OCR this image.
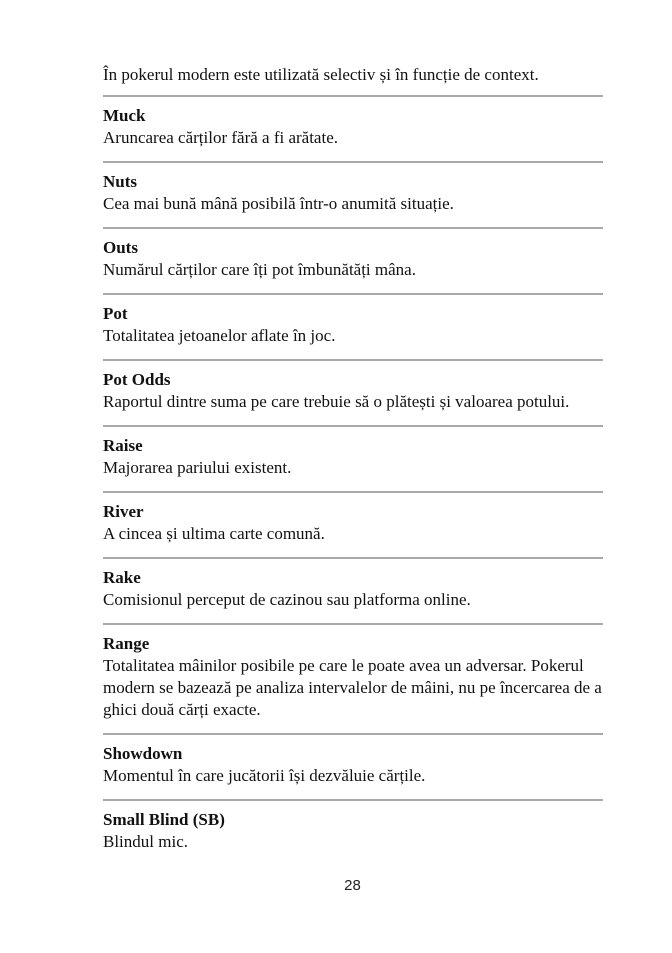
În pokerul modern este utilizată selectiv și în funcție de context.

Muck

Aruncarea cărților fără a fi arătate.

Nuts

Cea mai bună mână posibilă într-o anumită situație.

Outs

Numărul cărților care îți pot îmbunătăți mâna.

Pot

Totalitatea jetoanelor aflate în joc.

Pot Odds

Raportul dintre suma pe care trebuie să o plătești și valoarea potului.

Raise

Majorarea pariului existent.

River

A cincea și ultima carte comună.

Rake

Comisionul perceput de cazinou sau platforma online.

Range

Totalitatea mâinilor posibile pe care le poate avea un adversar. Pokerul modern se bazează pe analiza intervalelor de mâini, nu pe încercarea de a ghici două cărți exacte.

Showdown

Momentul în care jucătorii își dezvăluie cărțile.

Small Blind (SB)

Blindul mic.

28
